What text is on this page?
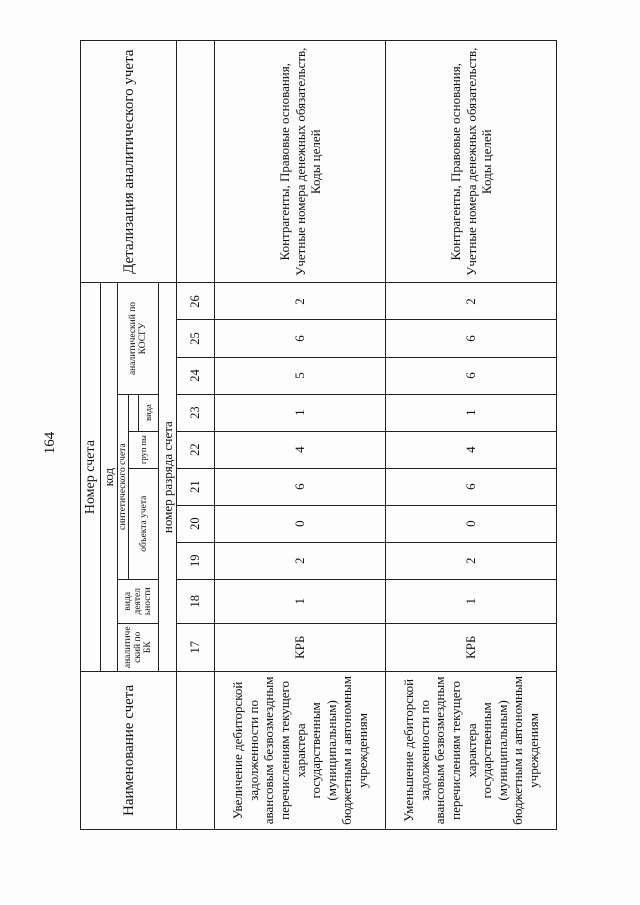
164
Наименование счета	Номер счета										Детализация аналитического учета
	код										
	аналитиче ский по БК	вида деятел ьности	синтетического счета					аналитический по КОСГУ			
			объекта учета			груп пы					
							вида				
	номер разряда счета										
	17	18	19	20	21	22	23	24	25	26	
Увеличение дебиторской задолженности по авансовым безвозмездным перечислениям текущего характера государственным (муниципальным) бюджетным и автономным учреждениям	КРБ	1	2	0	6	4	1	5	6	2	Контрагенты, Правовые основания, Учетные номера денежных обязательств, Коды целей
Уменьшение дебиторской задолженности по авансовым безвозмездным перечислениям текущего характера государственным (муниципальным) бюджетным и автономным учреждениям	КРБ	1	2	0	6	4	1	6	6	2	Контрагенты, Правовые основания, Учетные номера денежных обязательств, Коды целей
